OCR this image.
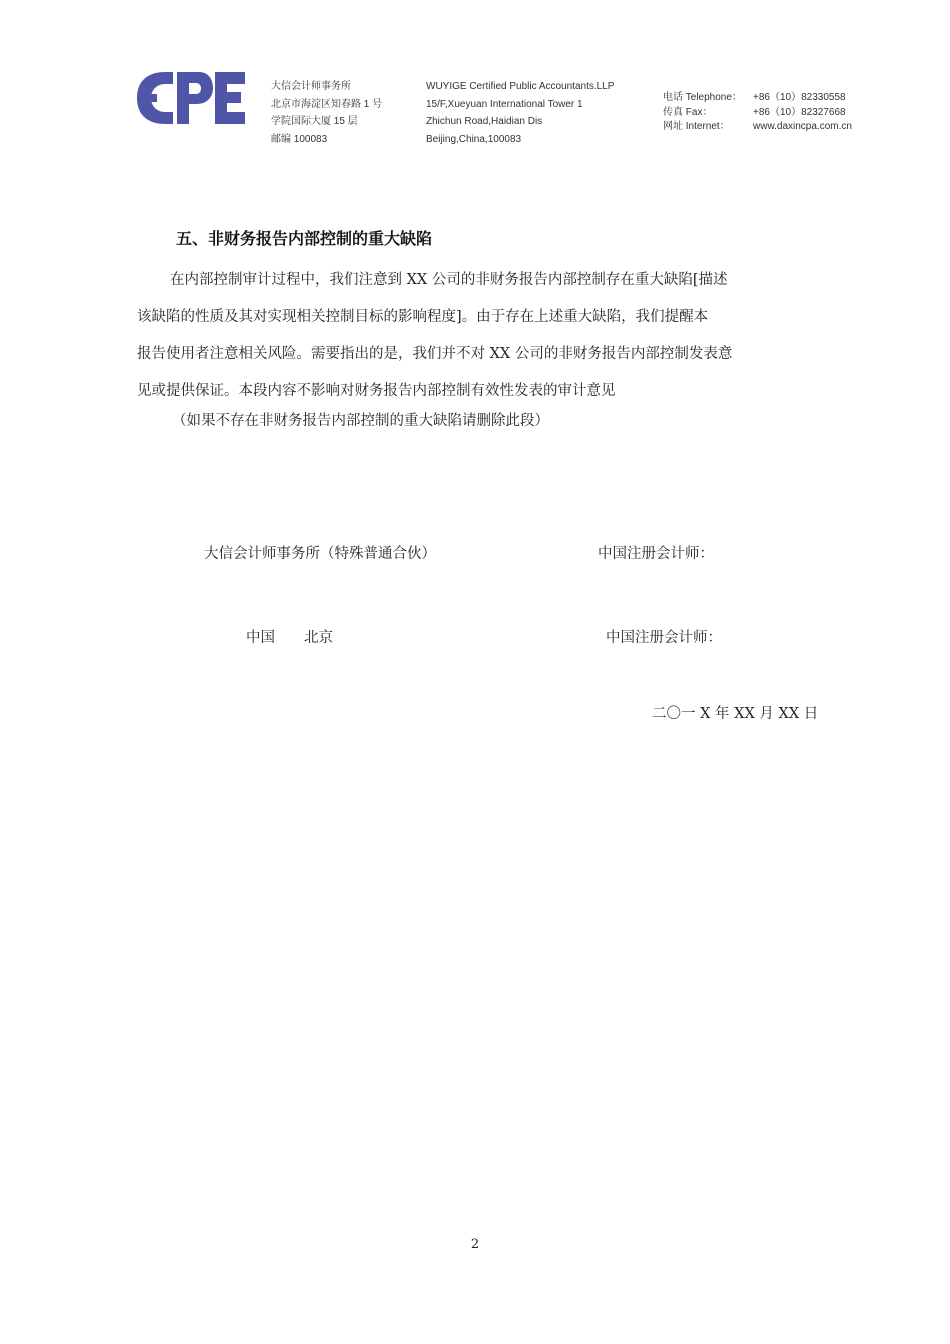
大信会计师事务所
北京市海淀区知春路 1 号
学院国际大厦 15 层
邮编 100083
WUYIGE Certified Public Accountants.LLP
15/F,Xueyuan International Tower 1
Zhichun Road,Haidian Dis
Beijing,China,100083
电话 Telephone：	+86（10）82330558
传真 Fax：	+86（10）82327668
网址 Internet：	www.daxincpa.com.cn
五、非财务报告内部控制的重大缺陷
在内部控制审计过程中，我们注意到 XX 公司的非财务报告内部控制存在重大缺陷[描述
该缺陷的性质及其对实现相关控制目标的影响程度]。由于存在上述重大缺陷，我们提醒本
报告使用者注意相关风险。需要指出的是，我们并不对 XX 公司的非财务报告内部控制发表意
见或提供保证。本段内容不影响对财务报告内部控制有效性发表的审计意见
（如果不存在非财务报告内部控制的重大缺陷请删除此段）
大信会计师事务所（特殊普通合伙）	中国注册会计师：
中国　　北京	中国注册会计师：
二〇一 X 年 XX 月 XX 日
2
